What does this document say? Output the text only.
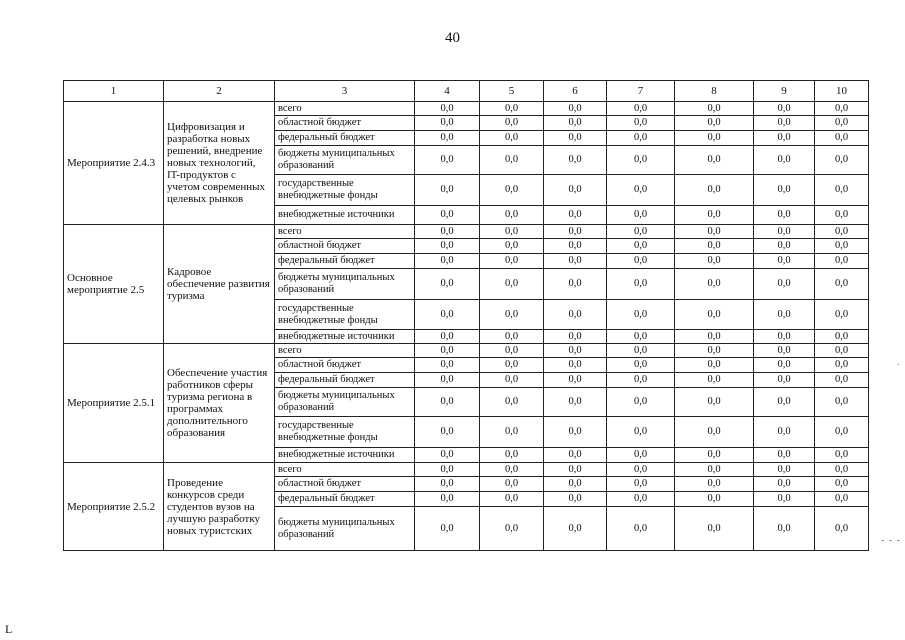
40
1	2	3	4	5	6	7	8	9	10
Мероприятие 2.4.3	Цифровизация и разработка новых решений, внедрение новых технологий, IT-продуктов с учетом современных целевых рынков	всего	0,0	0,0	0,0	0,0	0,0	0,0	0,0
		областной бюджет	0,0	0,0	0,0	0,0	0,0	0,0	0,0
		федеральный бюджет	0,0	0,0	0,0	0,0	0,0	0,0	0,0
		бюджеты муниципальных образований	0,0	0,0	0,0	0,0	0,0	0,0	0,0
		государственные внебюджетные фонды	0,0	0,0	0,0	0,0	0,0	0,0	0,0
		внебюджетные источники	0,0	0,0	0,0	0,0	0,0	0,0	0,0
Основное мероприятие 2.5	Кадровое обеспечение развития туризма	всего	0,0	0,0	0,0	0,0	0,0	0,0	0,0
		областной бюджет	0,0	0,0	0,0	0,0	0,0	0,0	0,0
		федеральный бюджет	0,0	0,0	0,0	0,0	0,0	0,0	0,0
		бюджеты муниципальных образований	0,0	0,0	0,0	0,0	0,0	0,0	0,0
		государственные внебюджетные фонды	0,0	0,0	0,0	0,0	0,0	0,0	0,0
		внебюджетные источники	0,0	0,0	0,0	0,0	0,0	0,0	0,0
Мероприятие 2.5.1	Обеспечение участия работников сферы туризма региона в программах дополнительного образования	всего	0,0	0,0	0,0	0,0	0,0	0,0	0,0
		областной бюджет	0,0	0,0	0,0	0,0	0,0	0,0	0,0
		федеральный бюджет	0,0	0,0	0,0	0,0	0,0	0,0	0,0
		бюджеты муниципальных образований	0,0	0,0	0,0	0,0	0,0	0,0	0,0
		государственные внебюджетные фонды	0,0	0,0	0,0	0,0	0,0	0,0	0,0
		внебюджетные источники	0,0	0,0	0,0	0,0	0,0	0,0	0,0
Мероприятие 2.5.2	Проведение конкурсов среди студентов вузов на лучшую разработку новых туристских	всего	0,0	0,0	0,0	0,0	0,0	0,0	0,0
		областной бюджет	0,0	0,0	0,0	0,0	0,0	0,0	0,0
		федеральный бюджет	0,0	0,0	0,0	0,0	0,0	0,0	0,0
		бюджеты муниципальных образований	0,0	0,0	0,0	0,0	0,0	0,0	0,0
·
- - -
L
